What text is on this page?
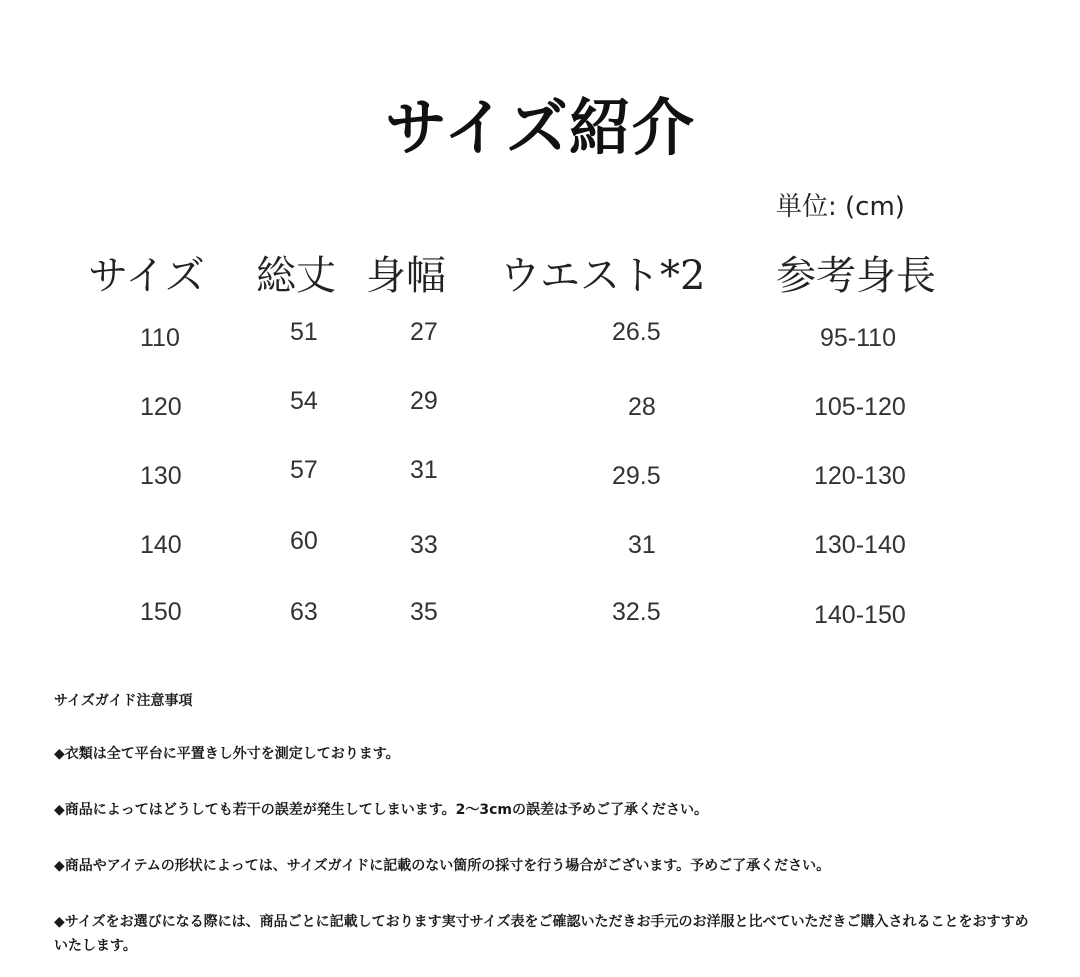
サイズ紹介
単位: (cm)
サイズ 総丈 身幅 ウエスト*2 参考身長
110	51	27	26.5	95-110
120	54	29	28	105-120
130	57	31	29.5	120-130
140	60	33	31	130-140
150	63	35	32.5	140-150
サイズガイド注意事項
◆衣類は全て平台に平置きし外寸を測定しております。
◆商品によってはどうしても若干の誤差が発生してしまいます。2～3cmの誤差は予めご了承ください。
◆商品やアイテムの形状によっては、サイズガイドに記載のない箇所の採寸を行う場合がございます。予めご了承ください。
◆サイズをお選びになる際には、商品ごとに記載しております実寸サイズ表をご確認いただきお手元のお洋服と比べていただきご購入されることをおすすめいたします。
